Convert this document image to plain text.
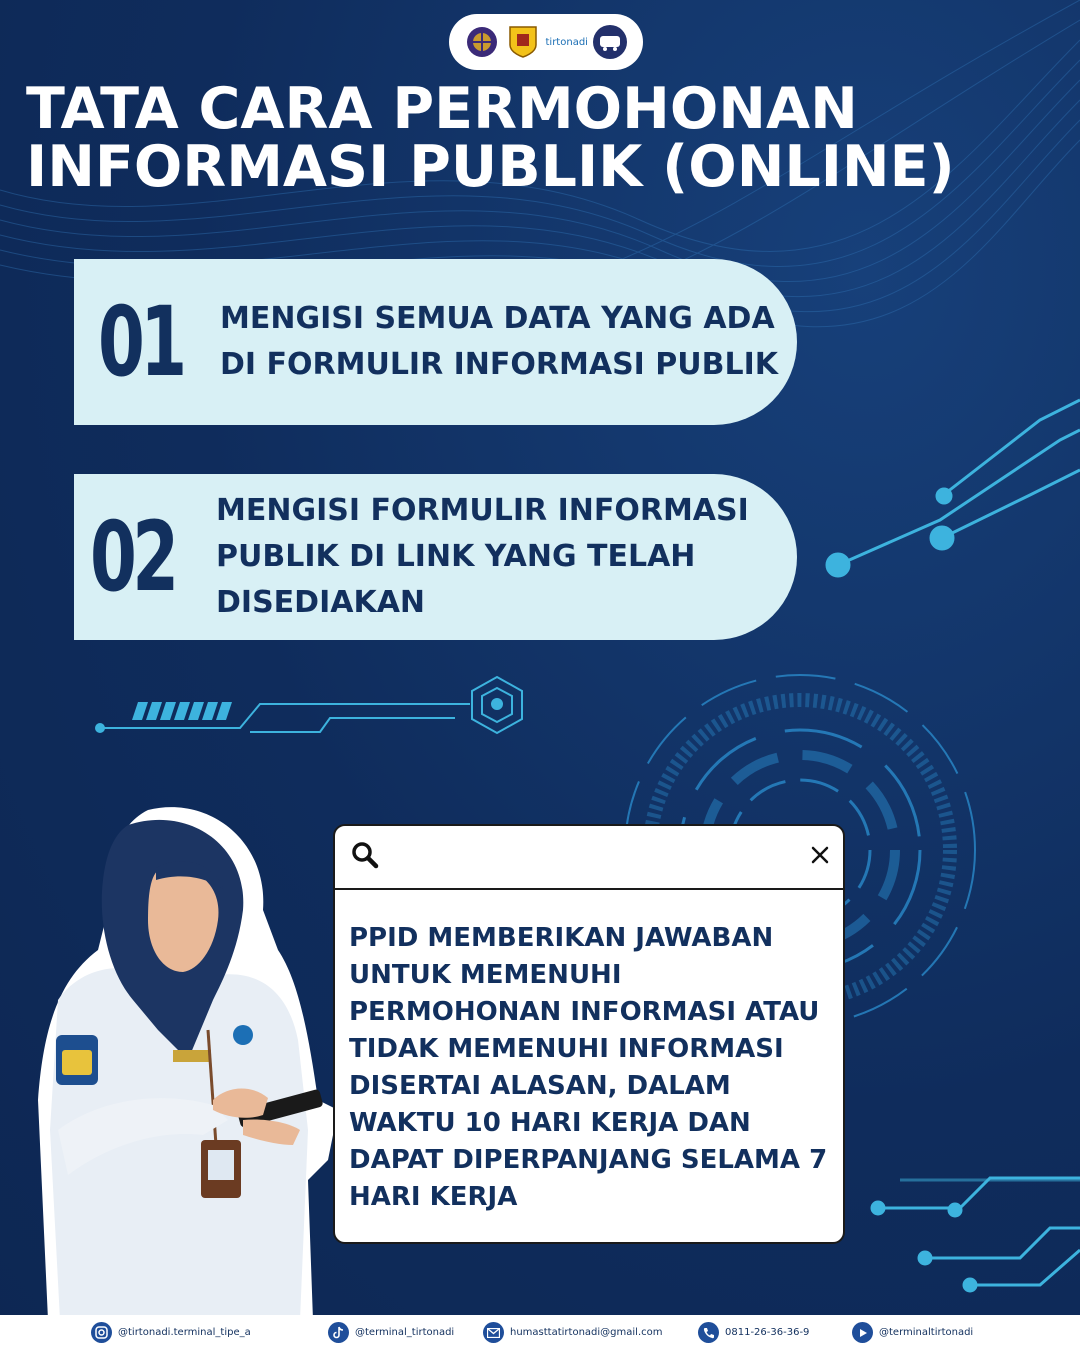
tirtonadi
TATA CARA PERMOHONAN
INFORMASI PUBLIK (ONLINE)
01 MENGISI SEMUA DATA YANG ADA DI FORMULIR INFORMASI PUBLIK
02 MENGISI FORMULIR INFORMASI PUBLIK DI LINK YANG TELAH DISEDIAKAN
PPID MEMBERIKAN JAWABAN UNTUK MEMENUHI PERMOHONAN INFORMASI ATAU TIDAK MEMENUHI INFORMASI DISERTAI ALASAN, DALAM WAKTU 10 HARI KERJA DAN DAPAT DIPERPANJANG SELAMA 7 HARI KERJA
@tirtonadi.terminal_tipe_a	@terminal_tirtonadi	humasttatirtonadi@gmail.com	0811-26-36-36-9	@terminaltirtonadi
